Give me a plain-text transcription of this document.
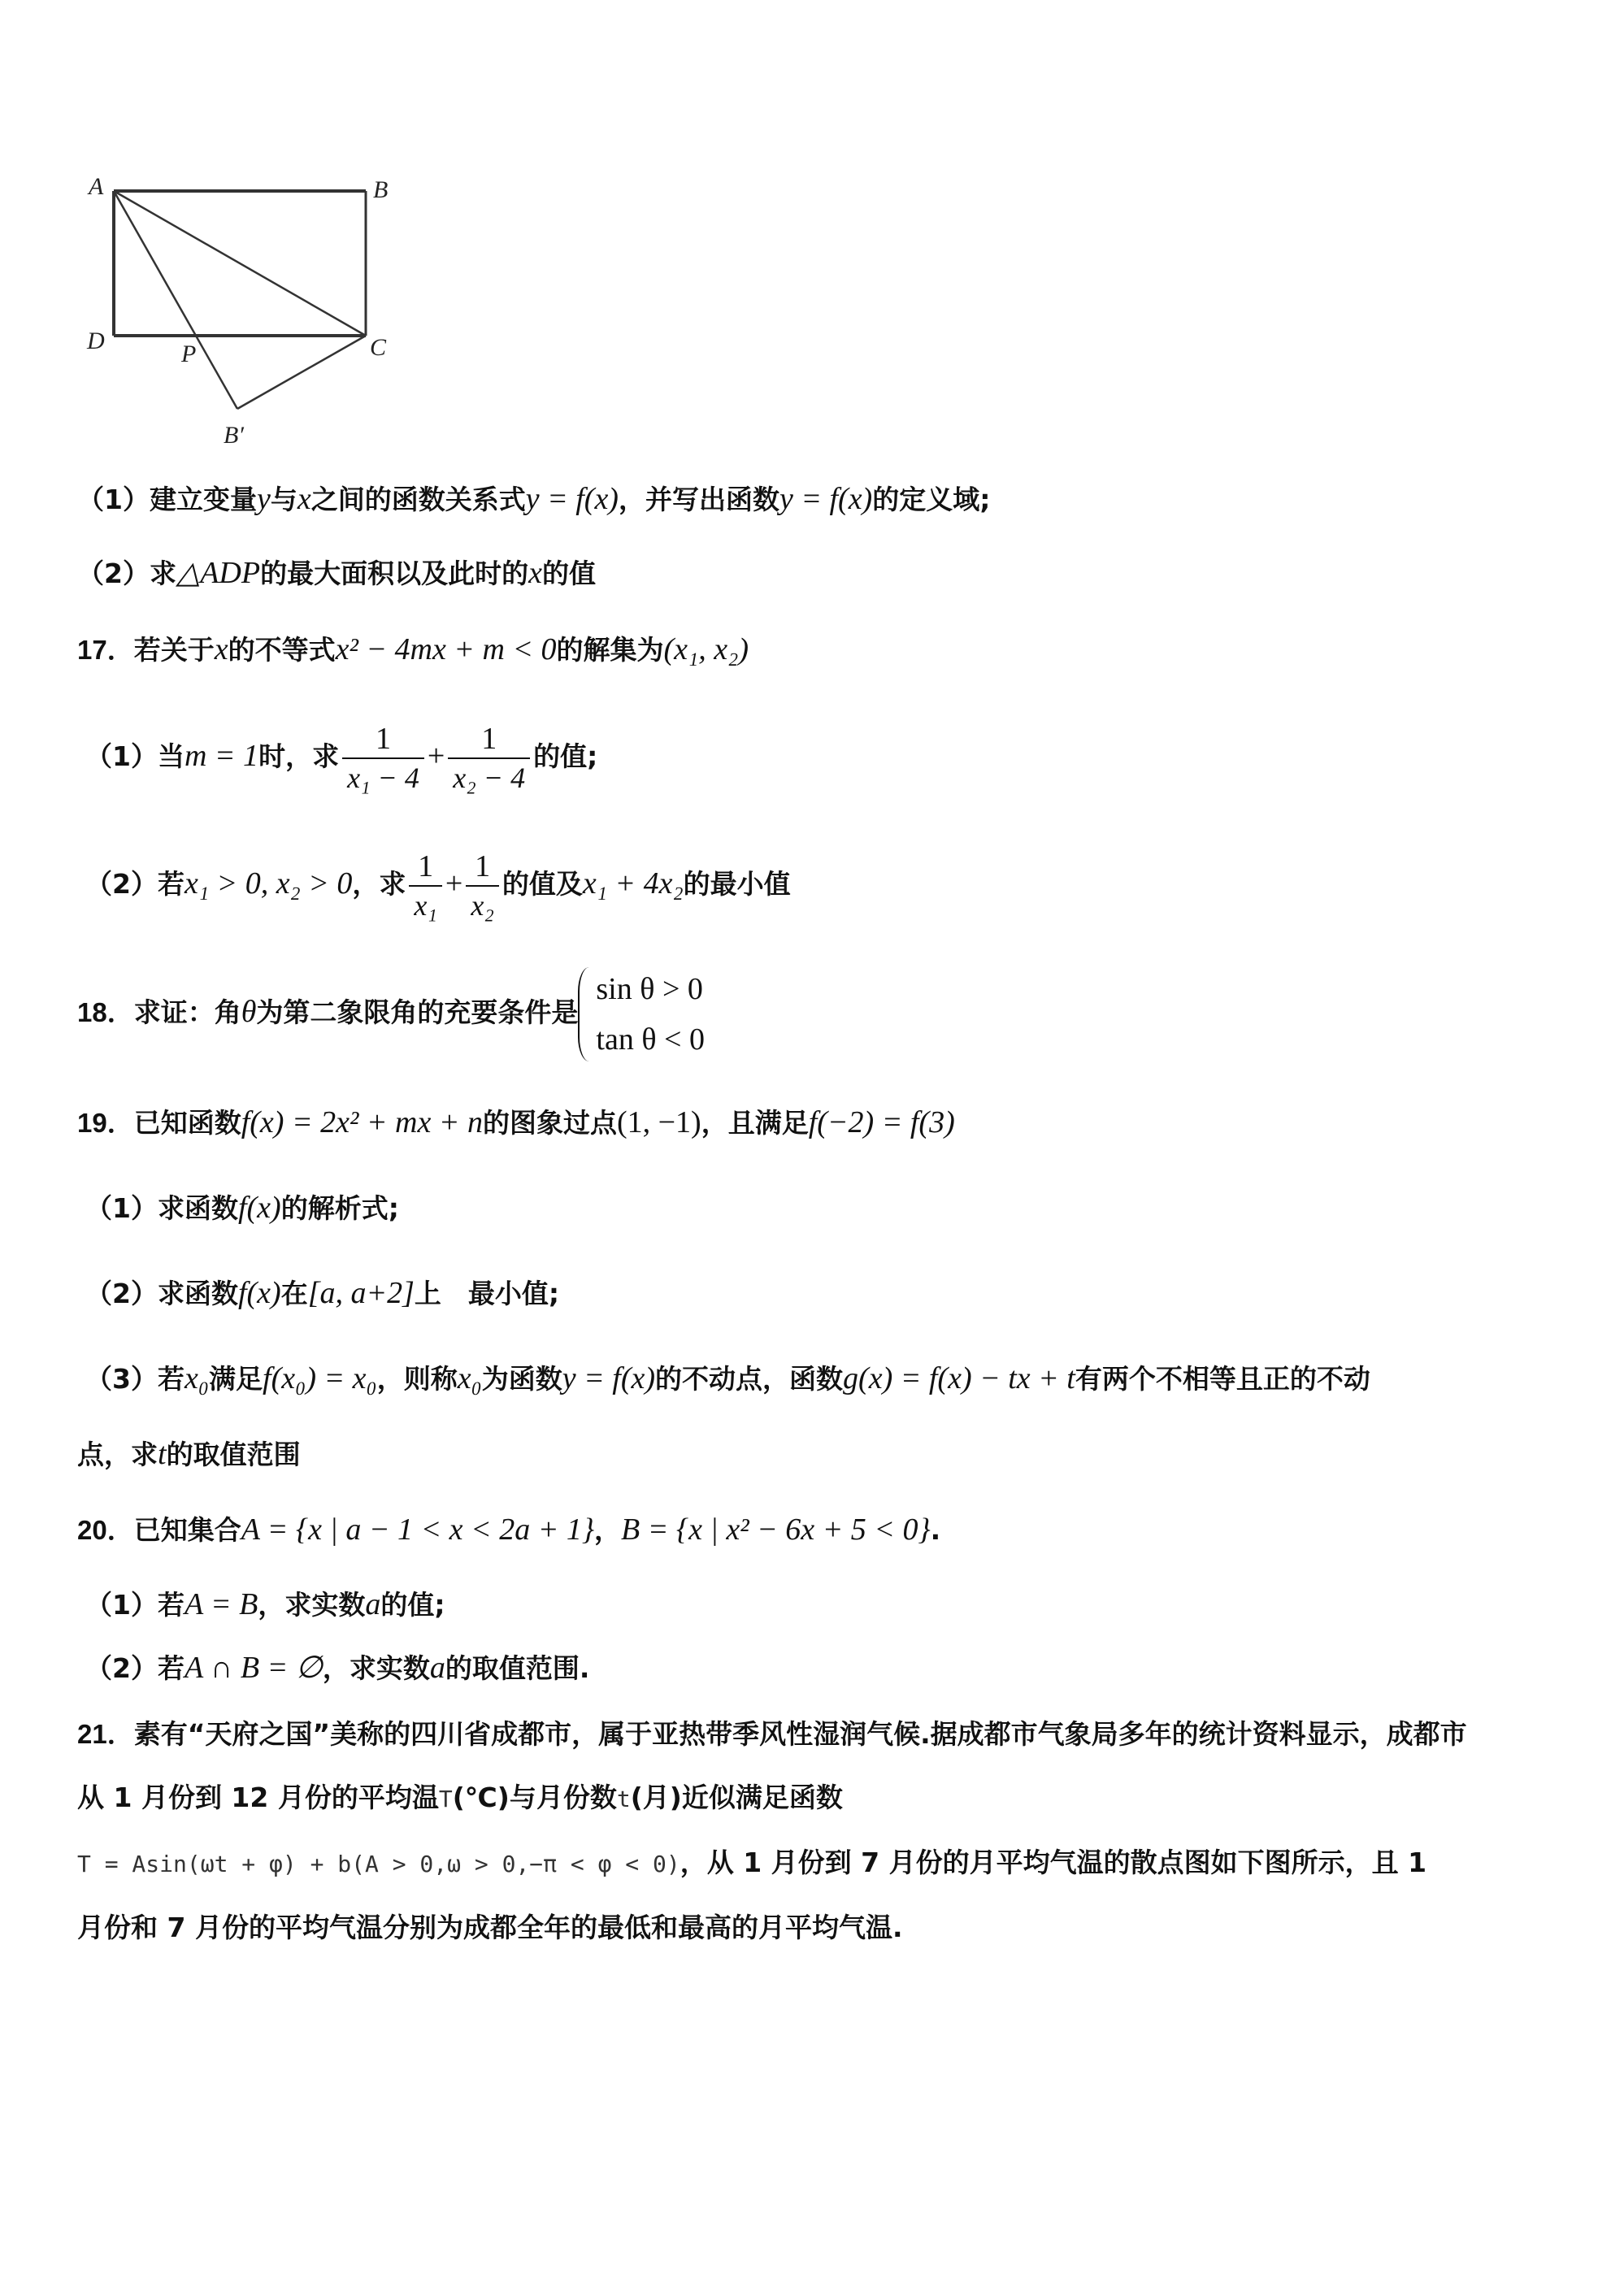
A	B
D	P	C
B′
（1）建立变量y与x之间的函数关系式y = f(x)，并写出函数y = f(x)的定义域;
（2）求△ADP的最大面积以及此时的x的值
17．若关于x的不等式x² − 4mx + m < 0的解集为(x₁, x₂)
（1）当m = 1时，求 $\frac{1}{\text{x₁ − 4}} + \frac{1}{\text{x₂ − 4}}$ 的值;
（2）若x₁ > 0, x₂ > 0，求 $\frac{1}{\text{x₁}} + \frac{1}{\text{x₂}}$ 的值及x₁ + 4x₂的最小值
18．求证：角θ为第二象限角的充要条件是
sin θ > 0
tan θ < 0
19．已知函数f(x) = 2x² + mx + n的图象过点(1, −1)，且满足f(−2) = f(3)
（1）求函数f(x)的解析式;
（2）求函数f(x)在[a, a+2]上　最小值;
（3）若x₀满足f(x₀) = x₀，则称x₀为函数y = f(x)的不动点，函数g(x) = f(x) − tx + t有两个不相等且正的不动
点，求t的取值范围
20．已知集合A = {x | a − 1 < x < 2a + 1}，B = {x | x² − 6x + 5 < 0}.
（1）若A = B，求实数a的值;
（2）若A ∩ B = ∅，求实数a的取值范围.
21．素有“天府之国”美称的四川省成都市，属于亚热带季风性湿润气候.据成都市气象局多年的统计资料显示，成都市
从 1 月份到 12 月份的平均温T(℃)与月份数t(月)近似满足函数
T = Asin(ωt + φ) + b(A > 0,ω > 0,−π < φ < 0)，从 1 月份到 7 月份的月平均气温的散点图如下图所示，且 1
月份和 7 月份的平均气温分别为成都全年的最低和最高的月平均气温.
